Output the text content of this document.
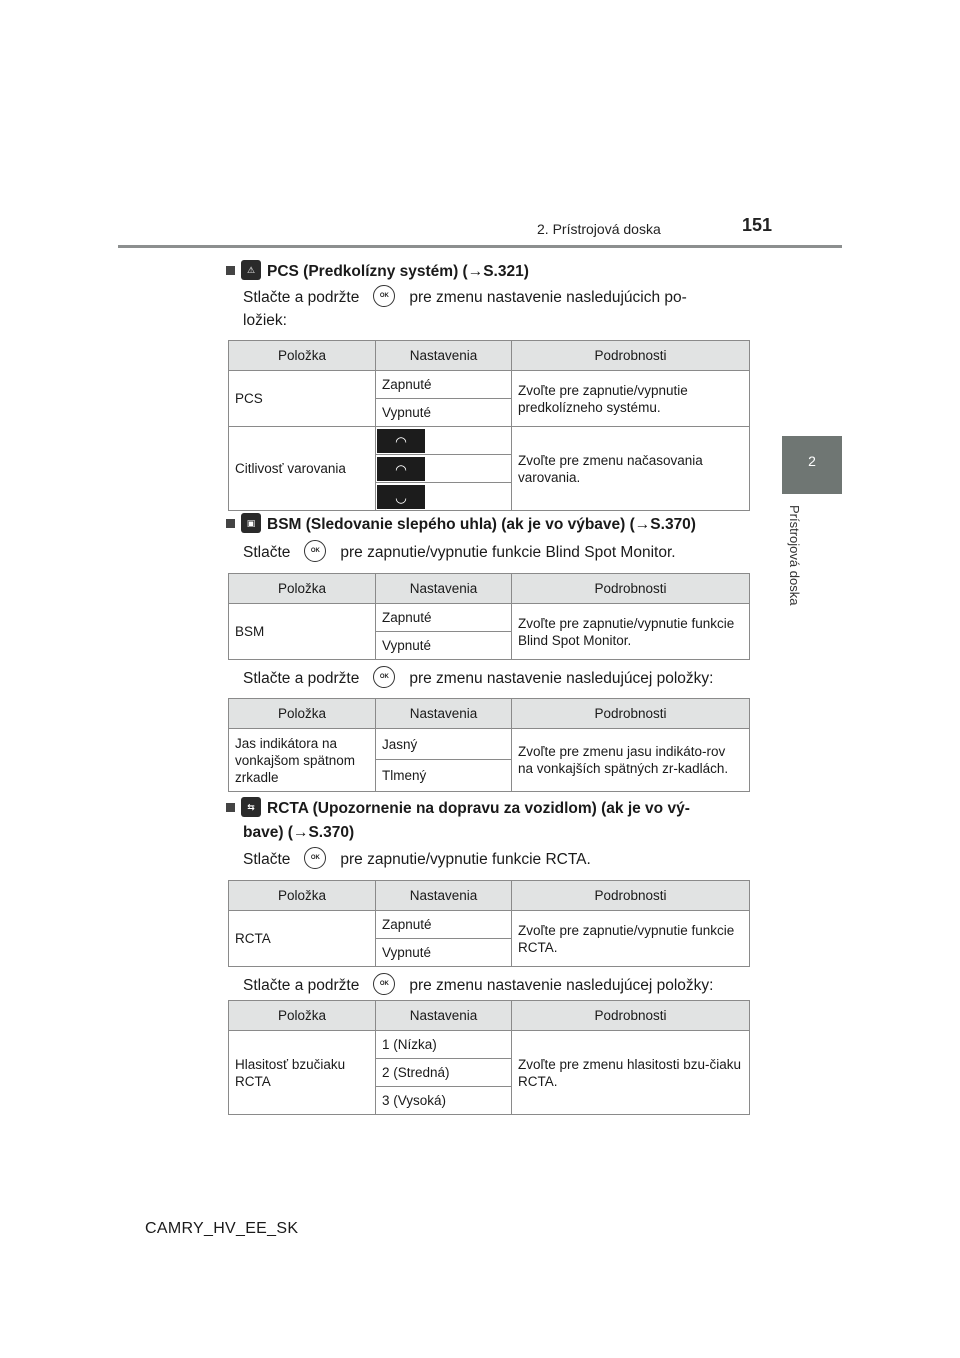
2. Prístrojová doska	151
2
Prístrojová doska
⚠ PCS (Predkolízny systém) (→S.321)
Stlačte a podržte	OK	pre zmenu nastavenie nasledujúcich po-
ložiek:
Položka	Nastavenia	Podrobnosti
PCS	Zapnuté	Zvoľte pre zapnutie/vypnutie predkolízneho systému.
	Vypnuté	
Citlivosť varovania	◠	Zvoľte pre zmenu načasovania varovania.

	◠	

	◡	
▣ BSM (Sledovanie slepého uhla) (ak je vo výbave) (→S.370)
Stlačte	OK	pre zapnutie/vypnutie funkcie Blind Spot Monitor.
Položka	Nastavenia	Podrobnosti
BSM	Zapnuté	Zvoľte pre zapnutie/vypnutie funkcie Blind Spot Monitor.
	Vypnuté	
Stlačte a podržte	OK	pre zmenu nastavenie nasledujúcej položky:
Položka	Nastavenia	Podrobnosti
Jas indikátora na vonkajšom spätnom zrkadle	Jasný	Zvoľte pre zmenu jasu indikáto-rov na vonkajších spätných zr-kadlách.
	Tlmený	
⇆ RCTA (Upozornenie na dopravu za vozidlom) (ak je vo vý-
bave) (→S.370)
Stlačte	OK	pre zapnutie/vypnutie funkcie RCTA.
Položka	Nastavenia	Podrobnosti
RCTA	Zapnuté	Zvoľte pre zapnutie/vypnutie funkcie RCTA.
	Vypnuté	
Stlačte a podržte	OK	pre zmenu nastavenie nasledujúcej položky:
Položka	Nastavenia	Podrobnosti
Hlasitosť bzučiaku RCTA	1 (Nízka)	Zvoľte pre zmenu hlasitosti bzu-čiaku RCTA.
	2 (Stredná)	
	3 (Vysoká)	
CAMRY_HV_EE_SK
